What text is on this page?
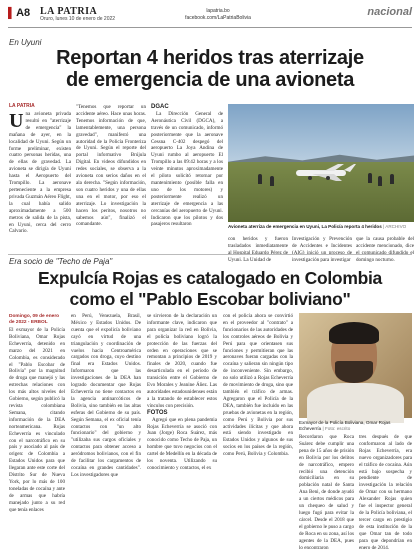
▌A8 LA PATRIA
Oruro, lunes 10 de enero de 2022
lapatria.bo
facebook.com/LaPatriaBolivia	nacional
En Uyuni
Reportan 4 heridos tras aterrizaje
de emergencia de una avioneta
LA PATRIA

Una avioneta privada resultó en "aterrizaje de emergencia" la mañana de ayer, en la localidad de Uyuni. Según un forme preliminar, existen cuatro personas heridas, una de ellas de gravedad. La avioneta se dirigía de Uyuni hasta el Aeropuerto del Trompillo. La aeronave perteneciente a la empresa privada Guzmán Aéreo Flight, la cual había salido aproximadamente a 500 metros de salida de la pista, en Uyuni, cerca del cerro Calvario.

"Tenemos que reportar un accidente aéreo. Hace unas horas. Tenemos información de que, lamentablemente, una persona gravedad", manifestó una autoridad de la Policía Fronteriza de Uyuni. Según el reporte del portal informativo Brújula Digital. En videos difundidos en redes sociales, se observa a la avioneta con serios daños en el ala derecha. "Según información, son cuatro heridos y una de ellas una en el motor, por eso el aterrizaje. Lo investigación la hacen los peritos, nosotros no sabemos aún", finalizó el comandante.

DGAC

La Dirección General de Aeronáutica Civil (DGCA), a través de un comunicado, informó posteriormente que la aeronave Cessna C-402 despegó del aeropuerto La Joya Andina de Uyuni rumbo al aeropuerto El Trompillo a las 09:42 horas y a los veinte minutos aproximadamente el piloto solicitó retornar por mantenimiento (posible falla en uno de los motores) y posteriormente realizó un aterrizaje de emergencia a las cercanías del aeropuerto de Uyuni. Indicaron que los pilotos y dos pasajeros resultaron	Avioneta aterriza de emergencia en Uyuni, La Policía reporta 4 heridos | ARCHIVO

con heridos y fueron trasladados inmediatamente al Hospital Eduardo Pérez de Uyuni. La Unidad de

Investigación y Prevención de Accidentes e Incidentes (AIG) inició un proceso de investigación para investigar

que la causa probable del accidente mencionado, dice el comunicado difundido el domingo nocturno.

Era socio de "Techo de Paja"
Expulcía Rojas es catalogado en Colombia
como el "Pablo Escobar boliviano"
Domingo, 09 de enero de 2022 - ERBOL

El exmayor de la Policía Boliviana, Omar Rojas Echeverría, detenido en marzo del 2021 en Colombia, es considerado el "Pablo Escobar de Bolivia" por la magnitud de droga que manejó y las estrechas relaciones con los más altos niveles del Gobierno, según publicó la revista colombiana Semana, citando información de la DEA norteamericana. Rojas Echeverría es vinculado con el narcotráfico en su país y asociado al país de origen: de Colombia a Estados Unidos para que llegaran ante este corte del Distrito Sur de Nueva York, por lo más de 100 toneladas de cocaína y ante de armas que habría manejado junto a su red que tenía enlaces

en Perú, Venezuela, Brasil, México y Estados Unidos. De cuenta que el expolicía boliviano cayó en virtud de una triangulación y coordinación de vuelos hacia Centroamérica cargados con droga, cuyo destino final era Estados Unidos. Informaron que las investigaciones de la DEA han logrado documentar que Rojas Echeverría no tiene contactos en la agencia antinarcóticos de Bolivia, sino también en las altas esferas del Gobierno de su país. Según Semana, el ex oficial tenía contactos con "un alto funcionario" del gobierno y "utilizaba sus cargos oficiales y contactos para obtener acceso a aeródromos bolivianos, con el fin de facilitar los cargamentos de cocaína en grandes cantidades". Los investigadores que

se sirvieron de la declaración un informante clave, indicaron que para organizar la red en Bolivia, el policía boliviano logró la protección de las fuerzas del orden en operaciones que se remontan a principios de 2019 y finales de 2020, cuando fue desarticulada en el período de transición entre el Gobierno de Evo Morales y Jeanine Áñez. Las autoridades estadounidenses están a la tratando de establecer estos vínculos con precisión.

FOTOS

Agregó que en plena pandemia Rojas Echeverría se asoció con Juan (Jorge) Roca Suárez, más conocido como Techo de Paja, un hombre que tuvo negocios con el cartel de Medellín en la década de los noventa. Utilizando su conocimiento y contactos, el ex

con el policía ahora se convirtió en el proveedor al "contrato" a funcionarios de las autoridades de los controles aéreos de Bolivia y Perú para que orientasen sus funciones y permitieran que las aeronaves fueran cargadas con la cocaína y salieran sin ningún tipo de inconveniente. Sin embargo, no solo utilizó a Rojas Echeverría de movimiento de droga, sino que también el tráfico de armas. Agregaron que el Policía de la DEA, también fue incluido en las pruebas de avionetas en la región, como Perú y Bolivia por sus actividades ilícitas y que ahora está siendo investigado en Estados Unidos y algunos de sus socios en los países de la región, como Perú, Bolivia y Colombia.

Exmayor de la Policía Boliviana, Omar Rojas Echeverría | Foto: escrito

Recordaron que Roca Suárez debe cumplir una pena de 15 años de prisión en Bolivia por los delitos de narcotráfico, empero recibió una detención domiciliaria en su población natal de Santa Ana Beni, de donde ayudó a un ciertos médicos para un chequeo de salud y luego fugó para evitar la cárcel. Desde el 2018 que el gobierno le puso a cargo de Roca en su zona, así los agentes de la DEA, pues lo encontraron

tres después de que conformaron al lado de Rojas Echeverría, era nuevo organizadores para el tráfico de cocaína. Aún está bajo sospecha y pendiente de investigación la relación de Omar con su hermano Alexander Rojas quien fue el inspector general de la Policía boliviana, el tercer cargo en prestigio de esta institución de la que Omar tan de todo para que depondrían en enero de 2014.
